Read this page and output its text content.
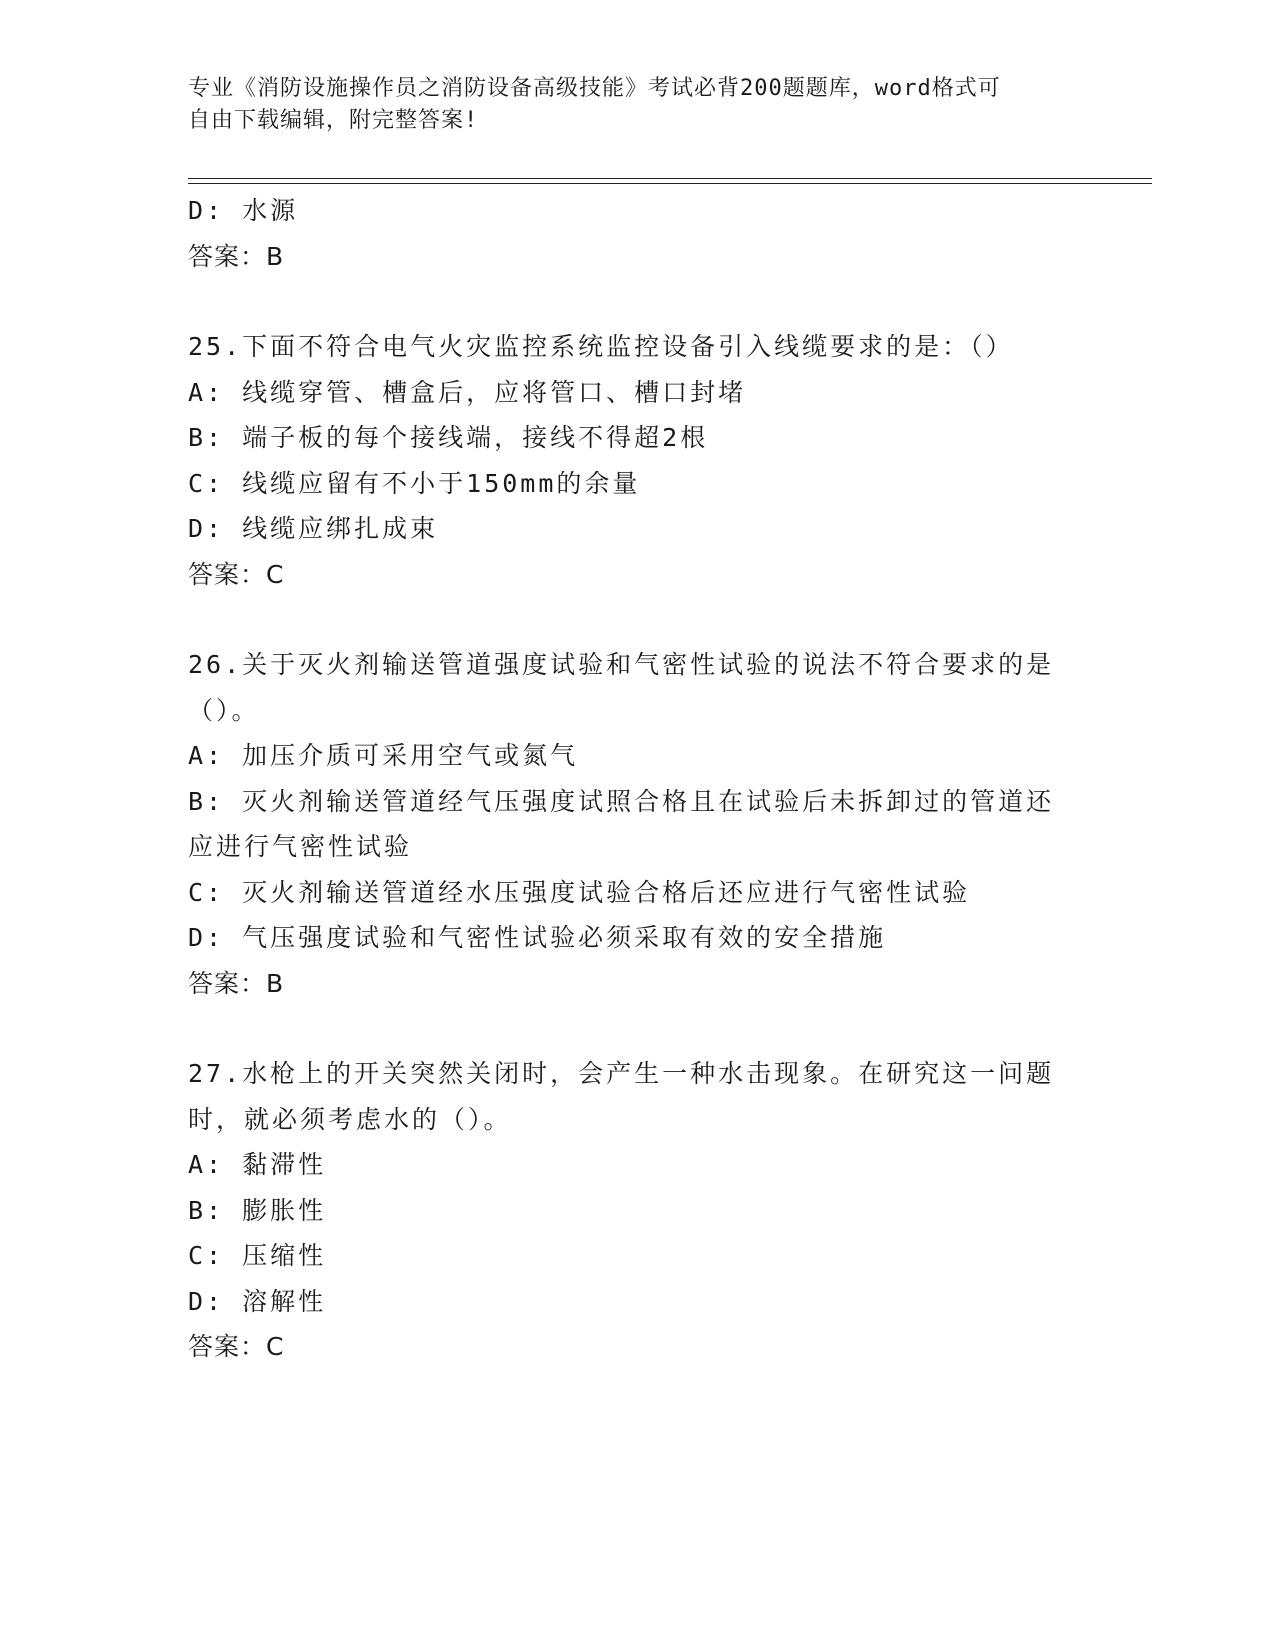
专业《消防设施操作员之消防设备高级技能》考试必背200题题库，word格式可
自由下载编辑，附完整答案!
D: 水源
答案：B
25.下面不符合电气火灾监控系统监控设备引入线缆要求的是：（）
A: 线缆穿管、槽盒后，应将管口、槽口封堵
B: 端子板的每个接线端，接线不得超2根
C: 线缆应留有不小于150mm的余量
D: 线缆应绑扎成束
答案：C
26.关于灭火剂输送管道强度试验和气密性试验的说法不符合要求的是
（）。
A: 加压介质可采用空气或氮气
B: 灭火剂输送管道经气压强度试照合格且在试验后未拆卸过的管道还
应进行气密性试验
C: 灭火剂输送管道经水压强度试验合格后还应进行气密性试验
D: 气压强度试验和气密性试验必须采取有效的安全措施
答案：B
27.水枪上的开关突然关闭时，会产生一种水击现象。在研究这一问题
时，就必须考虑水的（）。
A: 黏滞性
B: 膨胀性
C: 压缩性
D: 溶解性
答案：C
